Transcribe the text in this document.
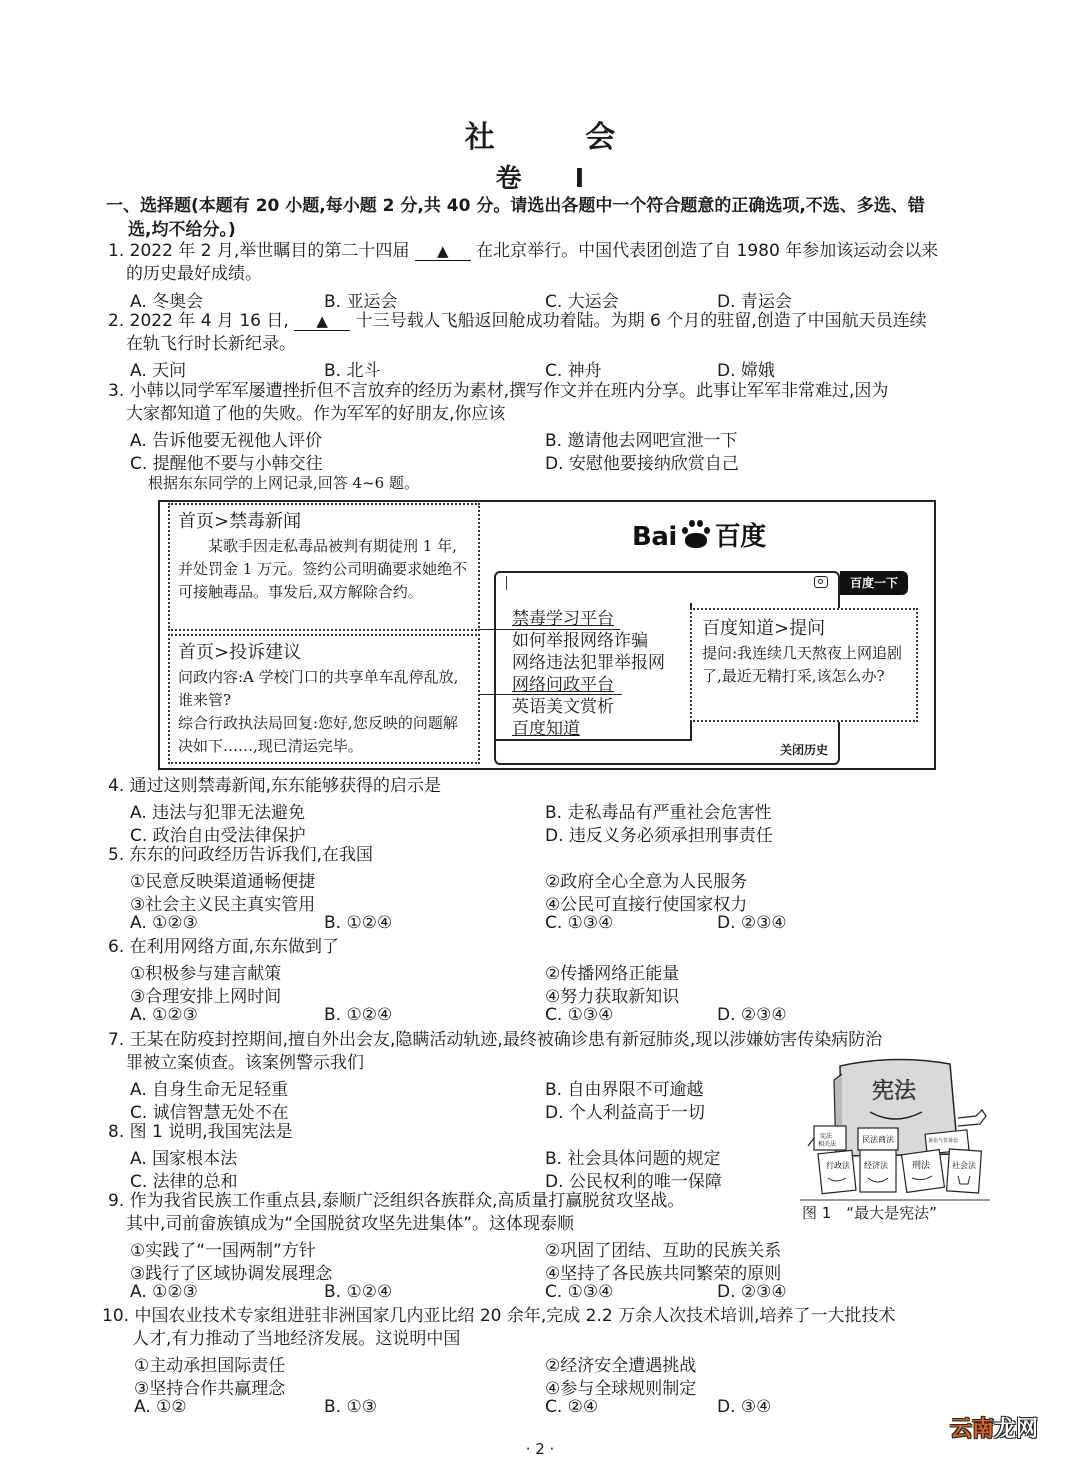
社 会
卷 Ⅰ
一、选择题(本题有 20 小题,每小题 2 分,共 40 分。请选出各题中一个符合题意的正确选项,不选、多选、错
选,均不给分。)
1. 2022 年 2 月,举世瞩目的第二十四届 ▲ 在北京举行。中国代表团创造了自 1980 年参加该运动会以来
的历史最好成绩。
A. 冬奥会	B. 亚运会	C. 大运会	D. 青运会
2. 2022 年 4 月 16 日, ▲ 十三号载人飞船返回舱成功着陆。为期 6 个月的驻留,创造了中国航天员连续
在轨飞行时长新纪录。
A. 天问	B. 北斗	C. 神舟	D. 嫦娥
3. 小韩以同学军军屡遭挫折但不言放弃的经历为素材,撰写作文并在班内分享。此事让军军非常难过,因为
大家都知道了他的失败。作为军军的好朋友,你应该
A. 告诉他要无视他人评价	B. 邀请他去网吧宣泄一下
C. 提醒他不要与小韩交往	D. 安慰他要接纳欣赏自己
根据东东同学的上网记录,回答 4~6 题。
首页>禁毒新闻
　　某歌手因走私毒品被判有期徒刑 1 年,并处罚金 1 万元。签约公司明确要求她绝不可接触毒品。事发后,双方解除合约。
首页>投诉建议
问政内容:A 学校门口的共享单车乱停乱放,谁来管?
综合行政执法局回复:您好,您反映的问题解决如下……,现已清运完毕。
Bai 百度
百度一下
禁毒学习平台
如何举报网络诈骗
网络违法犯罪举报网
网络问政平台
英语美文赏析
百度知道
百度知道>提问
提问:我连续几天熬夜上网追剧了,最近无精打采,该怎么办?
关闭历史
4. 通过这则禁毒新闻,东东能够获得的启示是
A. 违法与犯罪无法避免	B. 走私毒品有严重社会危害性
C. 政治自由受法律保护	D. 违反义务必须承担刑事责任
5. 东东的问政经历告诉我们,在我国
①民意反映渠道通畅便捷	②政府全心全意为人民服务
③社会主义民主真实管用	④公民可直接行使国家权力
A. ①②③	B. ①②④	C. ①③④	D. ②③④
6. 在利用网络方面,东东做到了
①积极参与建言献策	②传播网络正能量
③合理安排上网时间	④努力获取新知识
A. ①②③	B. ①②④	C. ①③④	D. ②③④
7. 王某在防疫封控期间,擅自外出会友,隐瞒活动轨迹,最终被确诊患有新冠肺炎,现以涉嫌妨害传染病防治
罪被立案侦查。该案例警示我们
A. 自身生命无足轻重	B. 自由界限不可逾越
C. 诚信智慧无处不在	D. 个人利益高于一切
8. 图 1 说明,我国宪法是
A. 国家根本法	B. 社会具体问题的规定
C. 法律的总和	D. 公民权利的唯一保障
宪法
宪法
相关法
民法商法	诉讼与非诉讼
行政法 经济法	刑法	社会法
图 1　“最大是宪法”
9. 作为我省民族工作重点县,泰顺广泛组织各族群众,高质量打赢脱贫攻坚战。
其中,司前畲族镇成为“全国脱贫攻坚先进集体”。这体现泰顺
①实践了“一国两制”方针	②巩固了团结、互助的民族关系
③践行了区域协调发展理念	④坚持了各民族共同繁荣的原则
A. ①②③	B. ①②④	C. ①③④	D. ②③④
10. 中国农业技术专家组进驻非洲国家几内亚比绍 20 余年,完成 2.2 万余人次技术培训,培养了一大批技术
人才,有力推动了当地经济发展。这说明中国
①主动承担国际责任	②经济安全遭遇挑战
③坚持合作共赢理念	④参与全球规则制定
A. ①②	B. ①③	C. ②④	D. ③④
· 2 ·
云南龙网
